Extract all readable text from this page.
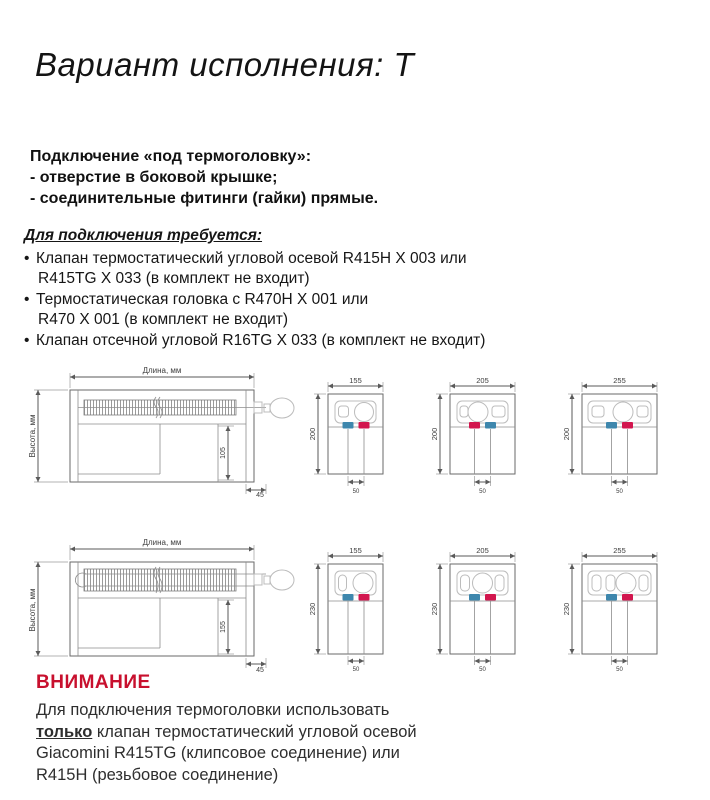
Вариант исполнения: Т
Подключение «под термоголовку»:
- отверстие в боковой крышке;
- соединительные фитинги (гайки) прямые.
Для подключения требуется:
• Клапан термостатический угловой осевой R415H X 003 или
R415TG X 033 (в комплект не входит)
• Термостатическая головка с R470H X 001 или
R470 X 001 (в комплект не входит)
• Клапан отсечной угловой R16TG X 033 (в комплект не входит)
Длина, мм
Высота, мм	105
45
155
200
50
205
200
50
255
200
50
Длина, мм
Высота, мм	155
45
155
230
50
205
230
50
255
230
50
ВНИМАНИЕ
Для подключения термоголовки использовать
только клапан термостатический угловой осевой
Giacomini R415TG (клипсовое соединение) или
R415H (резьбовое соединение)
